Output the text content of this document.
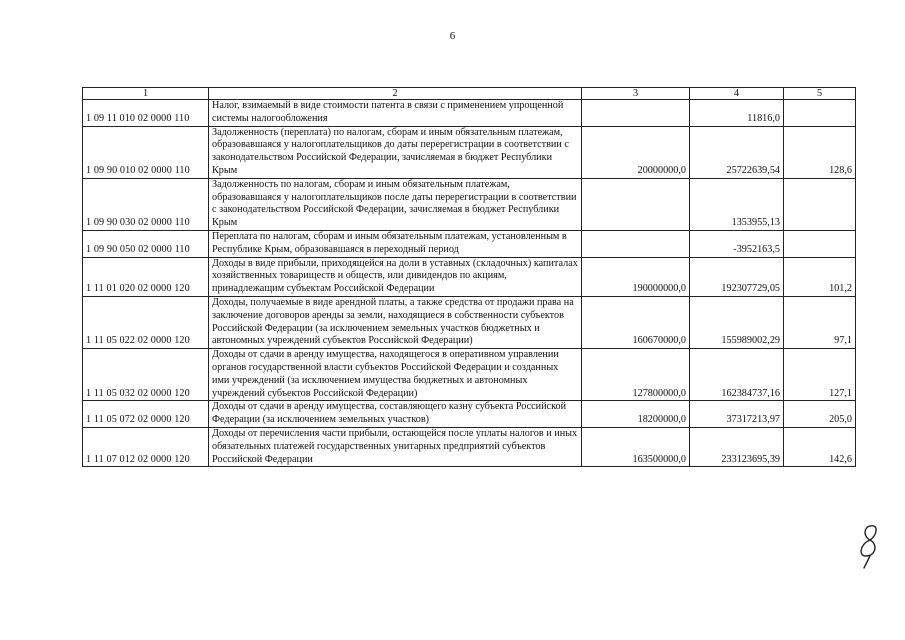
6
1	2	3	4	5
1 09 11 010 02 0000 110	Налог, взимаемый в виде стоимости патента в связи с применением упрощенной системы налогообложения		11816,0	
1 09 90 010 02 0000 110	Задолженность (переплата) по налогам, сборам и иным обязательным платежам, образовавшаяся у налогоплательщиков до даты перерегистрации в соответствии с законодательством Российской Федерации, зачисляемая в бюджет Республики Крым	20000000,0	25722639,54	128,6
1 09 90 030 02 0000 110	Задолженность по налогам, сборам и иным обязательным платежам, образовавшаяся у налогоплательщиков после даты перерегистрации в соответствии с законодательством Российской Федерации, зачисляемая в бюджет Республики Крым		1353955,13	
1 09 90 050 02 0000 110	Переплата по налогам, сборам и иным обязательным платежам, установленным в Республике Крым, образовавшаяся в переходный период		-3952163,5	
1 11 01 020 02 0000 120	Доходы в виде прибыли, приходящейся на доли в уставных (складочных) капиталах хозяйственных товариществ и обществ, или дивидендов по акциям, принадлежащим субъектам Российской Федерации	190000000,0	192307729,05	101,2
1 11 05 022 02 0000 120	Доходы, получаемые в виде арендной платы, а также средства от продажи права на заключение договоров аренды за земли, находящиеся в собственности субъектов Российской Федерации (за исключением земельных участков бюджетных и автономных учреждений субъектов Российской Федерации)	160670000,0	155989002,29	97,1
1 11 05 032 02 0000 120	Доходы от сдачи в аренду имущества, находящегося в оперативном управлении органов государственной власти субъектов Российской Федерации и созданных ими учреждений (за исключением имущества бюджетных и автономных учреждений субъектов Российской Федерации)	127800000,0	162384737,16	127,1
1 11 05 072 02 0000 120	Доходы от сдачи в аренду имущества, составляющего казну субъекта Российской Федерации (за исключением земельных участков)	18200000,0	37317213,97	205,0
1 11 07 012 02 0000 120	Доходы от перечисления части прибыли, остающейся после уплаты налогов и иных обязательных платежей государственных унитарных предприятий субъектов Российской Федерации	163500000,0	233123695,39	142,6
